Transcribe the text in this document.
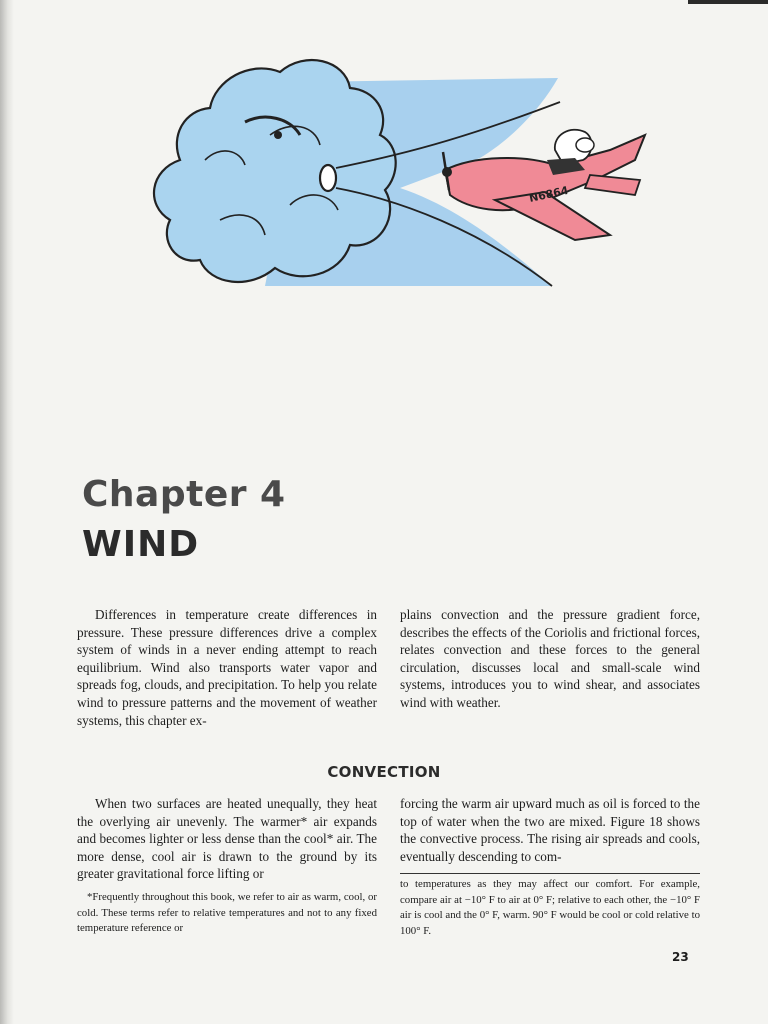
N6864
Chapter 4
WIND

Differences in temperature create differences in pressure. These pressure differences drive a complex system of winds in a never ending attempt to reach equilibrium. Wind also transports water vapor and spreads fog, clouds, and precipitation. To help you relate wind to pressure patterns and the movement of weather systems, this chapter ex-

plains convection and the pressure gradient force, describes the effects of the Coriolis and frictional forces, relates convection and these forces to the general circulation, discusses local and small-scale wind systems, introduces you to wind shear, and associates wind with weather.

CONVECTION

When two surfaces are heated unequally, they heat the overlying air unevenly. The warmer* air expands and becomes lighter or less dense than the cool* air. The more dense, cool air is drawn to the ground by its greater gravitational force lifting or

forcing the warm air upward much as oil is forced to the top of water when the two are mixed. Figure 18 shows the convective process. The rising air spreads and cools, eventually descending to com-

*Frequently throughout this book, we refer to air as warm, cool, or cold. These terms refer to relative temperatures and not to any fixed temperature reference or

to temperatures as they may affect our comfort. For example, compare air at −10° F to air at 0° F; relative to each other, the −10° F air is cool and the 0° F, warm. 90° F would be cool or cold relative to 100° F.

23
